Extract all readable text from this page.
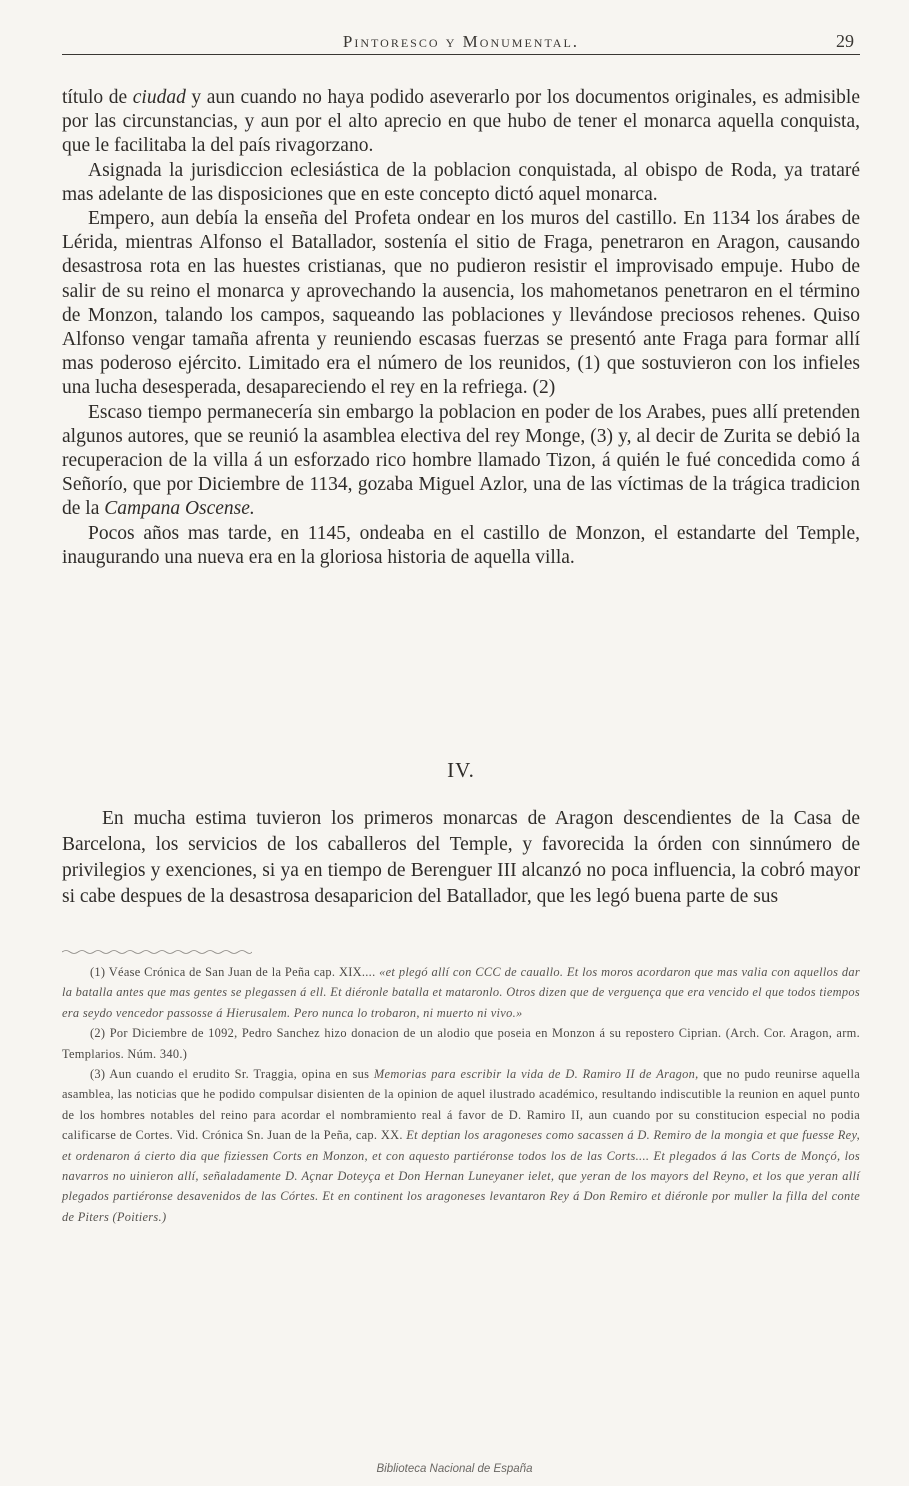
Pintoresco y Monumental.	29

título de ciudad y aun cuando no haya podido aseverarlo por los documentos originales, es admisible por las circunstancias, y aun por el alto aprecio en que hubo de tener el monarca aquella conquista, que le facilitaba la del país rivagorzano.

Asignada la jurisdiccion eclesiástica de la poblacion conquistada, al obispo de Roda, ya trataré mas adelante de las disposiciones que en este concepto dictó aquel monarca.

Empero, aun debía la enseña del Profeta ondear en los muros del castillo. En 1134 los árabes de Lérida, mientras Alfonso el Batallador, sostenía el sitio de Fraga, penetraron en Aragon, causando desastrosa rota en las huestes cristianas, que no pudieron resistir el improvisado empuje. Hubo de salir de su reino el monarca y aprovechando la ausencia, los mahometanos penetraron en el término de Monzon, talando los campos, saqueando las poblaciones y llevándose preciosos rehenes. Quiso Alfonso vengar tamaña afrenta y reuniendo escasas fuerzas se presentó ante Fraga para formar allí mas poderoso ejército. Limitado era el número de los reunidos, (1) que sostuvieron con los infieles una lucha desesperada, desapareciendo el rey en la refriega. (2)

Escaso tiempo permanecería sin embargo la poblacion en poder de los Arabes, pues allí pretenden algunos autores, que se reunió la asamblea electiva del rey Monge, (3) y, al decir de Zurita se debió la recuperacion de la villa á un esforzado rico hombre llamado Tizon, á quién le fué concedida como á Señorío, que por Diciembre de 1134, gozaba Miguel Azlor, una de las víctimas de la trágica tradicion de la Campana Oscense.

Pocos años mas tarde, en 1145, ondeaba en el castillo de Monzon, el estandarte del Temple, inaugurando una nueva era en la gloriosa historia de aquella villa.

IV.

En mucha estima tuvieron los primeros monarcas de Aragon descendientes de la Casa de Barcelona, los servicios de los caballeros del Temple, y favorecida la órden con sinnúmero de privilegios y exenciones, si ya en tiempo de Berenguer III alcanzó no poca influencia, la cobró mayor si cabe despues de la desastrosa desaparicion del Batallador, que les legó buena parte de sus

(1) Véase Crónica de San Juan de la Peña cap. XIX.... «et plegó allí con CCC de cauallo. Et los moros acordaron que mas valia con aquellos dar la batalla antes que mas gentes se plegassen á ell. Et diéronle batalla et mataronlo. Otros dizen que de verguença que era vencido el que todos tiempos era seydo vencedor passosse á Hierusalem. Pero nunca lo trobaron, ni muerto ni vivo.»

(2) Por Diciembre de 1092, Pedro Sanchez hizo donacion de un alodio que poseia en Monzon á su repostero Ciprian. (Arch. Cor. Aragon, arm. Templarios. Núm. 340.)

(3) Aun cuando el erudito Sr. Traggia, opina en sus Memorias para escribir la vida de D. Ramiro II de Aragon, que no pudo reunirse aquella asamblea, las noticias que he podido compulsar disienten de la opinion de aquel ilustrado académico, resultando indiscutible la reunion en aquel punto de los hombres notables del reino para acordar el nombramiento real á favor de D. Ramiro II, aun cuando por su constitucion especial no podia calificarse de Cortes. Vid. Crónica Sn. Juan de la Peña, cap. XX. Et deptian los aragoneses como sacassen á D. Remiro de la mongia et que fuesse Rey, et ordenaron á cierto dia que fiziessen Corts en Monzon, et con aquesto partiéronse todos los de las Corts.... Et plegados á las Corts de Monçó, los navarros no uinieron allí, señaladamente D. Açnar Doteyça et Don Hernan Luneyaner ielet, que yeran de los mayors del Reyno, et los que yeran allí plegados partiéronse desavenidos de las Córtes. Et en continent los aragoneses levantaron Rey á Don Remiro et diéronle por muller la filla del conte de Piters (Poitiers.)

Biblioteca Nacional de España
